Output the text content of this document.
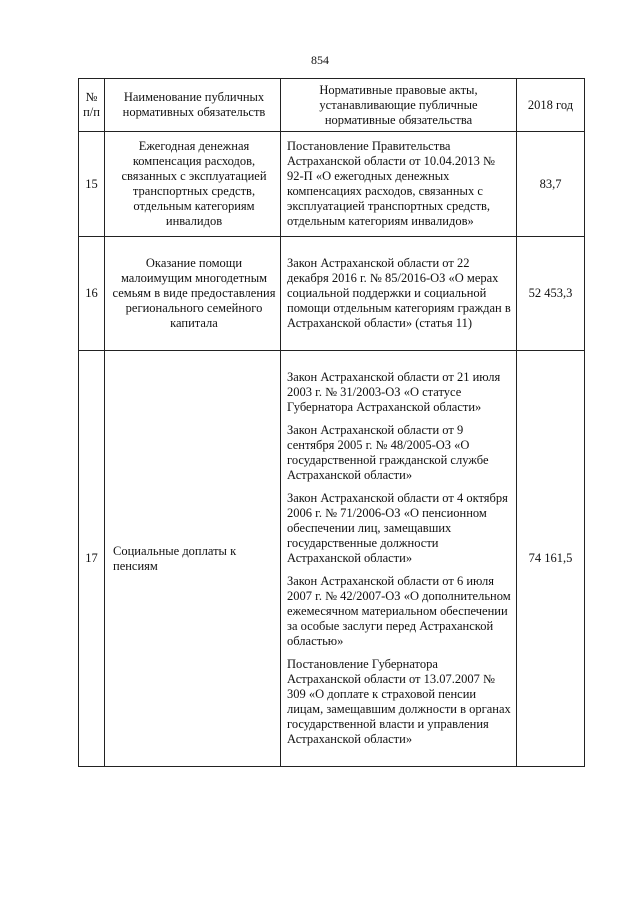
854
№ п/п	Наименование публичных нормативных обязательств	Нормативные правовые акты, устанавливающие публичные нормативные обязательства	2018 год
15	Ежегодная денежная компенсация расходов, связанных с эксплуатацией транспортных средств, отдельным категориям инвалидов	Постановление Правительства Астраханской области от 10.04.2013 № 92-П «О ежегодных денежных компенсациях расходов, связанных с эксплуатацией транспортных средств, отдельным категориям инвалидов»	83,7
16	Оказание помощи малоимущим многодетным семьям в виде предоставления регионального семейного капитала	Закон Астраханской области от 22 декабря 2016 г. № 85/2016-ОЗ «О мерах социальной поддержки и социальной помощи отдельным категориям граждан в Астраханской области» (статья 11)	52 453,3
17	Социальные доплаты к пенсиям	Закон Астраханской области от 21 июля 2003 г. № 31/2003-ОЗ «О статусе Губернатора Астраханской области»

Закон Астраханской области от 9 сентября 2005 г. № 48/2005-ОЗ «О государственной гражданской службе Астраханской области»

Закон Астраханской области от 4 октября 2006 г. № 71/2006-ОЗ «О пенсионном обеспечении лиц, замещавших государственные должности Астраханской области»

Закон Астраханской области от 6 июля 2007 г. № 42/2007-ОЗ «О дополнительном ежемесячном материальном обеспечении за особые заслуги перед Астраханской областью»

Постановление Губернатора Астраханской области от 13.07.2007 № 309 «О доплате к страховой пенсии лицам, замещавшим должности в органах государственной власти и управления Астраханской области»	74 161,5
